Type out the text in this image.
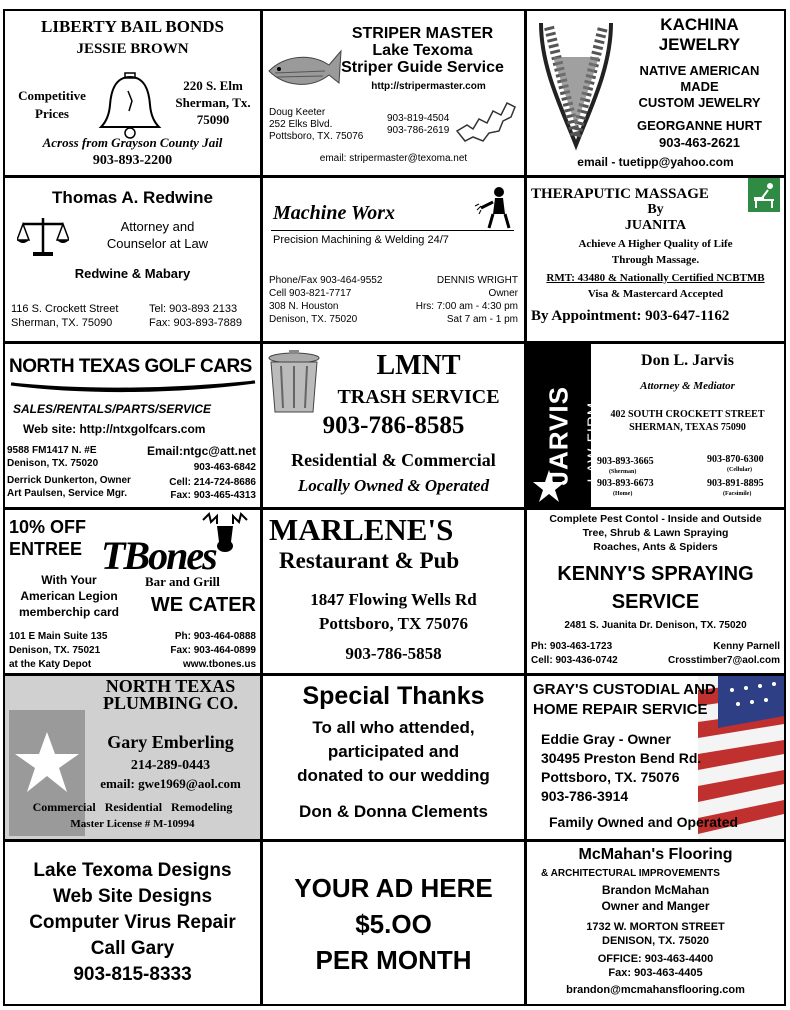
LIBERTY BAIL BONDS
JESSIE BROWN
Competitive
Prices
220 S. Elm
Sherman, Tx.
75090
Across from Grayson County Jail
903-893-2200
STRIPER MASTER
Lake Texoma
Striper Guide Service
http://stripermaster.com
Doug Keeter
252 Elks Blvd.
Pottsboro, TX. 75076
903-819-4504
903-786-2619
email: stripermaster@texoma.net
KACHINA
JEWELRY
NATIVE AMERICAN
MADE
CUSTOM JEWELRY
GEORGANNE HURT
903-463-2621
email - tuetipp@yahoo.com
Thomas A. Redwine
Attorney and
Counselor at Law
Redwine & Mabary
116 S. Crockett Street
Sherman, TX. 75090
Tel: 903-893 2133
Fax: 903-893-7889
Machine Worx
Precision Machining & Welding 24/7
Phone/Fax 903-464-9552
Cell 903-821-7717
308 N. Houston
Denison, TX. 75020
DENNIS WRIGHT
Owner
Hrs: 7:00 am - 4:30 pm
Sat 7 am - 1 pm
THERAPUTIC MASSAGE
By
JUANITA
Achieve A Higher Quality of Life
Through Massage.
RMT: 43480 & Nationally Certified NCBTMB
Visa & Mastercard Accepted
By Appointment: 903-647-1162
NORTH TEXAS GOLF CARS
SALES/RENTALS/PARTS/SERVICE
Web site: http://ntxgolfcars.com
9588 FM1417 N. #E
Denison, TX. 75020
Email:ntgc@att.net
903-463-6842
Derrick Dunkerton, Owner
Art Paulsen, Service Mgr.
Cell: 214-724-8686
Fax: 903-465-4313
LMNT
TRASH SERVICE
903-786-8585
Residential & Commercial
Locally Owned & Operated	JARVIS LAW FIRM
Don L. Jarvis
Attorney & Mediator
402 SOUTH CROCKETT STREET
SHERMAN, TEXAS 75090
903-893-3665
(Sherman)
903-893-6673
(Home)
903-870-6300
(Cellular)
903-891-8895
(Facsimile)
10% OFF
ENTREE TBones
Bar and Grill
With Your
American Legion
memberchip card	WE CATER
101 E Main Suite 135
Denison, TX. 75021
at the Katy Depot
Ph: 903-464-0888
Fax: 903-464-0899
www.tbones.us
MARLENE'S
Restaurant & Pub
1847 Flowing Wells Rd
Pottsboro, TX 75076
903-786-5858
Complete Pest Contol - Inside and Outside
Tree, Shrub & Lawn Spraying
Roaches, Ants & Spiders
KENNY'S SPRAYING
SERVICE
2481 S. Juanita Dr. Denison, TX. 75020
Ph: 903-463-1723
Cell: 903-436-0742
Kenny Parnell
Crosstimber7@aol.com
NORTH TEXAS
PLUMBING CO.
Gary Emberling
214-289-0443
email: gwe1969@aol.com
Commercial   Residential   Remodeling
Master License # M-10994
Special Thanks
To all who attended,
participated and
donated to our wedding
Don & Donna Clements
GRAY'S CUSTODIAL AND
HOME REPAIR SERVICE
Eddie Gray - Owner
30495 Preston Bend Rd.
Pottsboro, TX. 75076
903-786-3914
Family Owned and Operated
Lake Texoma Designs
Web Site Designs
Computer Virus Repair
Call Gary
903-815-8333
YOUR AD HERE
$5.OO
PER MONTH
McMahan's Flooring
& ARCHITECTURAL IMPROVEMENTS
Brandon McMahan
Owner and Manger
1732 W. MORTON STREET
DENISON, TX. 75020
OFFICE: 903-463-4400
Fax: 903-463-4405
brandon@mcmahansflooring.com
